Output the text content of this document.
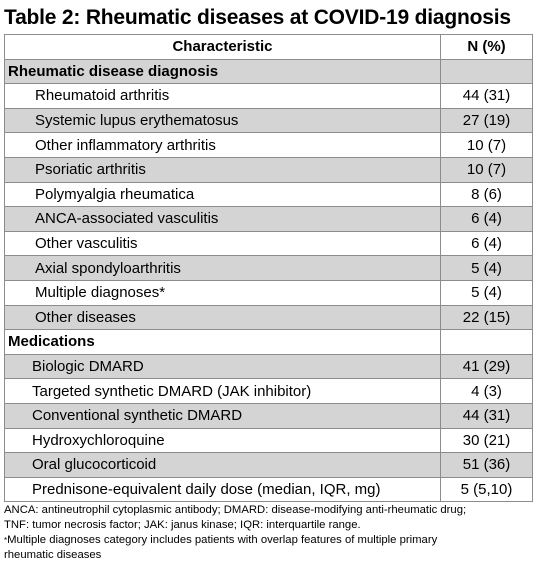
Table 2: Rheumatic diseases at COVID-19 diagnosis
Characteristic	N (%)
Rheumatic disease diagnosis	
Rheumatoid arthritis	44 (31)
Systemic lupus erythematosus	27 (19)
Other inflammatory arthritis	10 (7)
Psoriatic arthritis	10 (7)
Polymyalgia rheumatica	8 (6)
ANCA-associated vasculitis	6 (4)
Other vasculitis	6 (4)
Axial spondyloarthritis	5 (4)
Multiple diagnoses*	5 (4)
Other diseases	22 (15)
Medications	
Biologic DMARD	41 (29)
Targeted synthetic DMARD (JAK inhibitor)	4 (3)
Conventional synthetic DMARD	44 (31)
Hydroxychloroquine	30 (21)
Oral glucocorticoid	51 (36)
Prednisone-equivalent daily dose (median, IQR, mg)	5 (5,10)
ANCA: antineutrophil cytoplasmic antibody; DMARD: disease-modifying anti-rheumatic drug;
TNF: tumor necrosis factor; JAK: janus kinase; IQR: interquartile range.
*Multiple diagnoses category includes patients with overlap features of multiple primary
rheumatic diseases
